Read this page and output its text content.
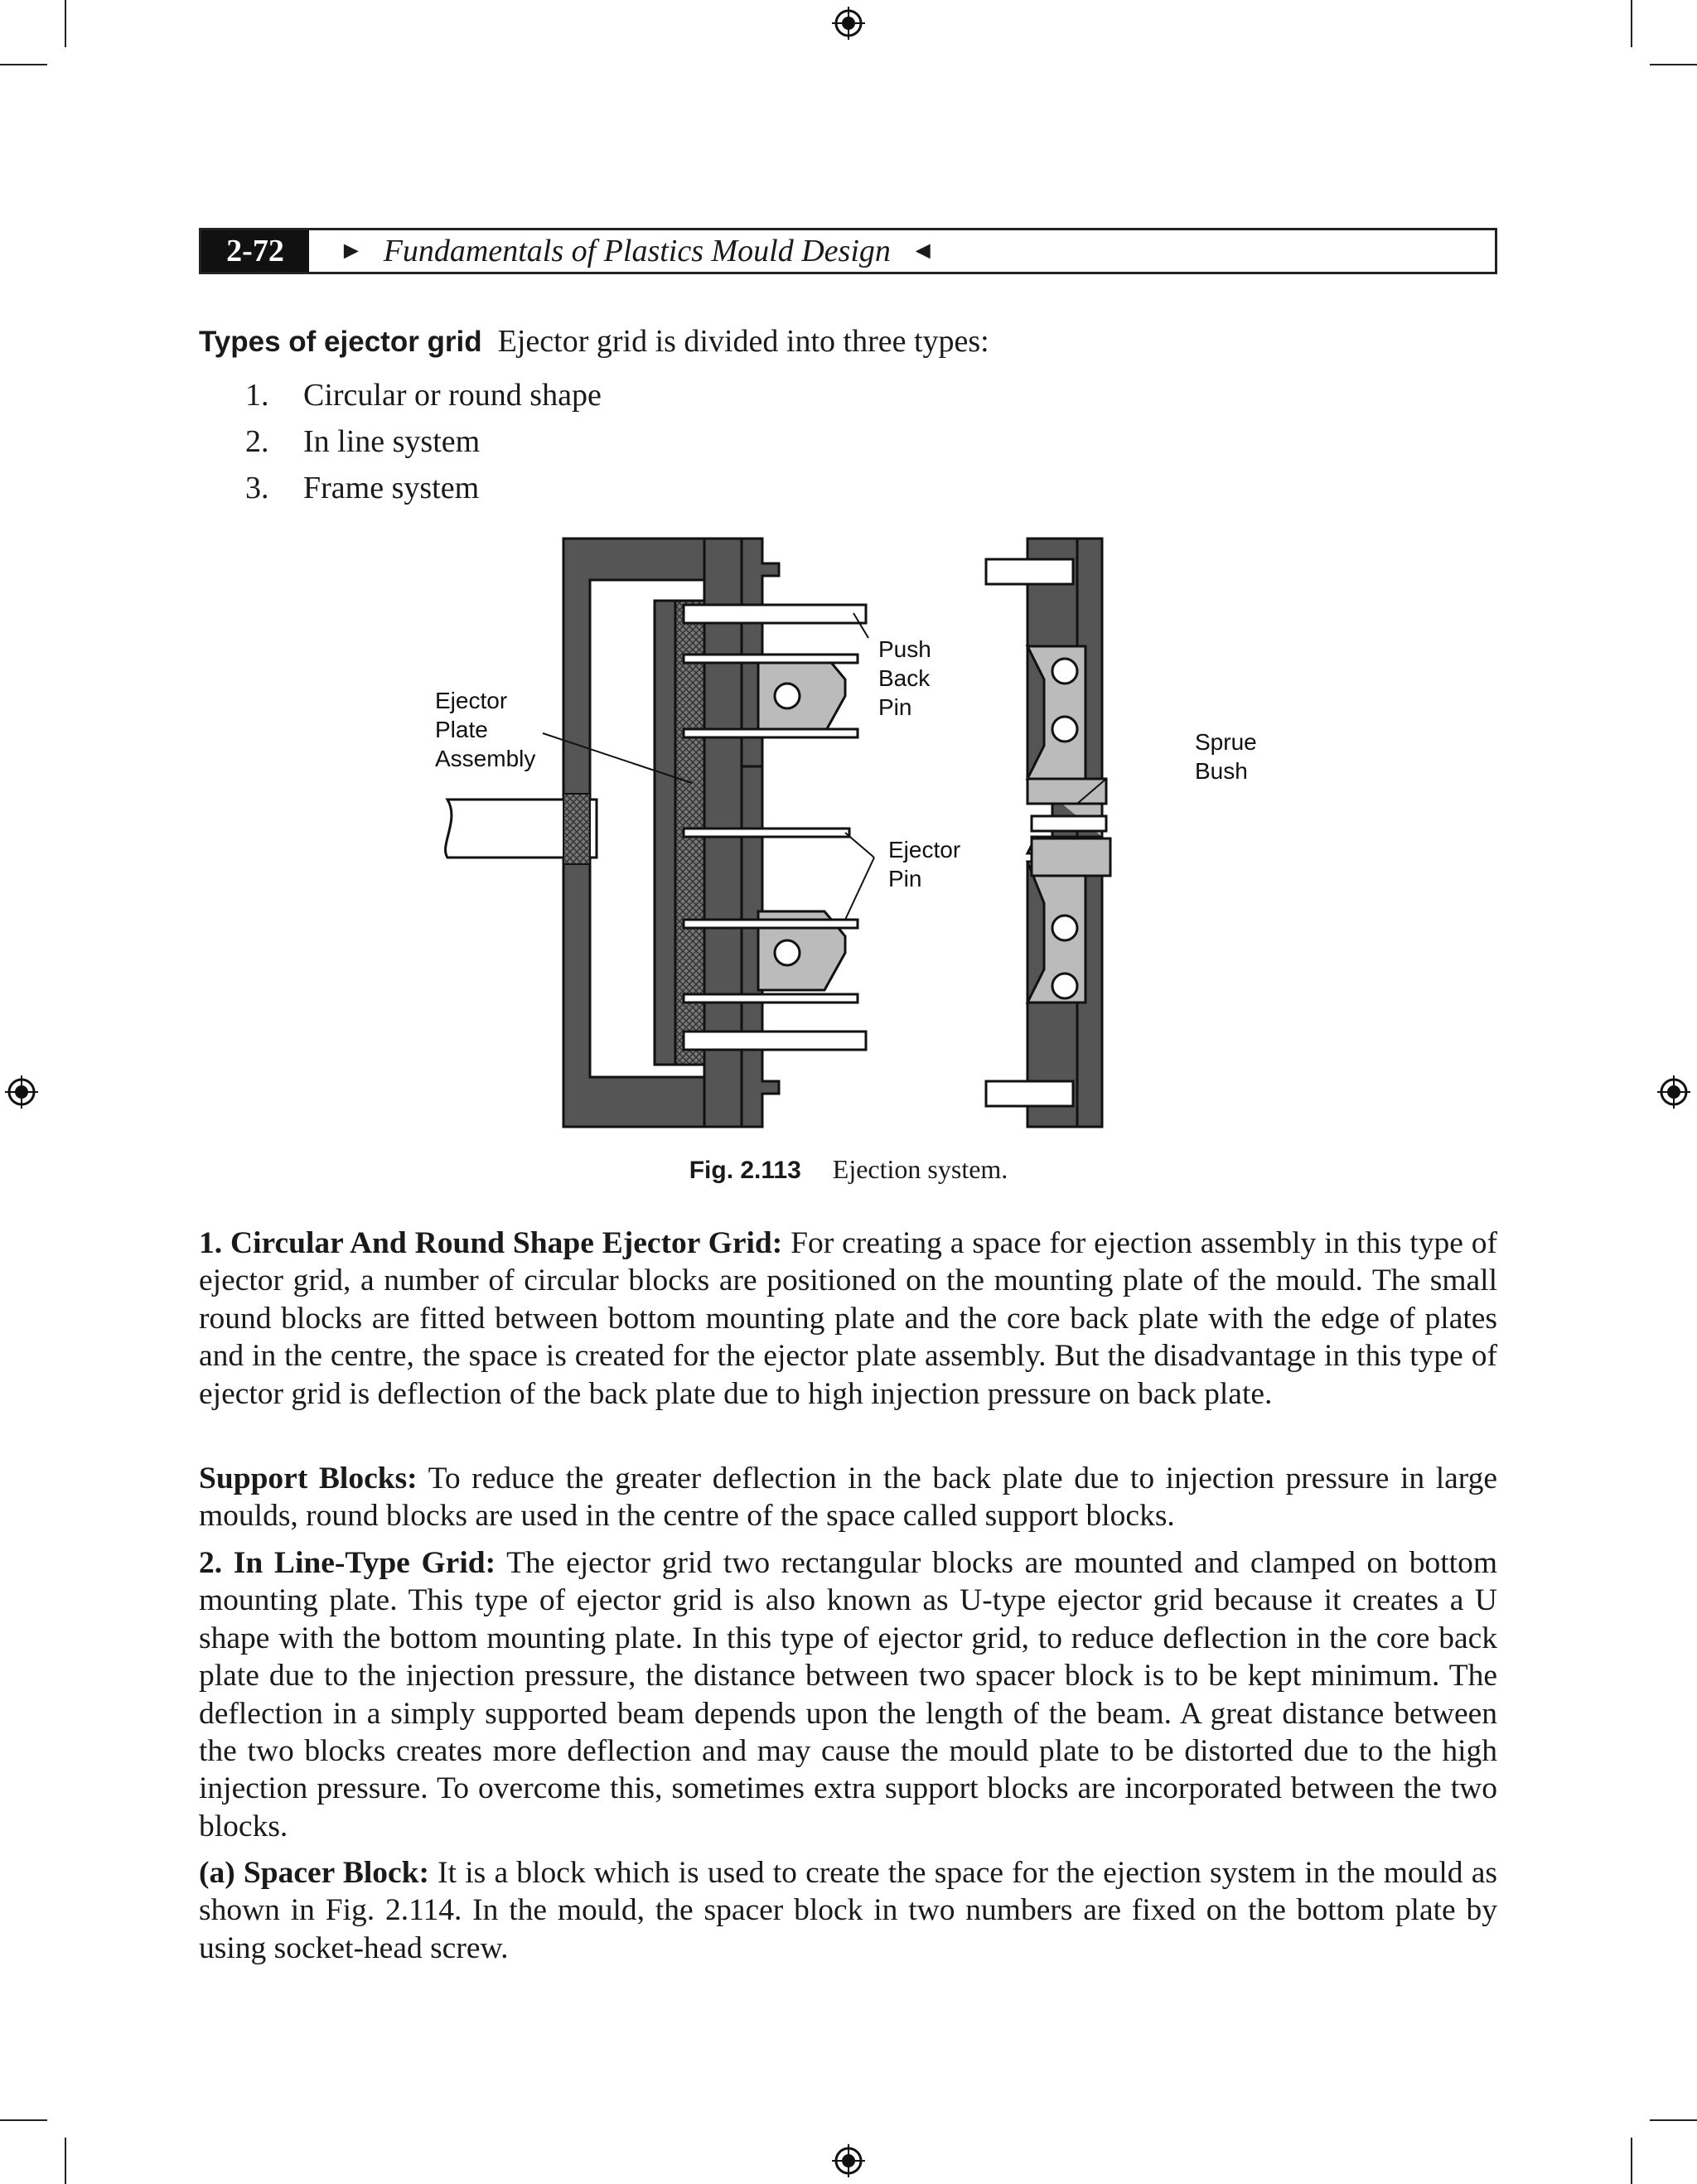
2-72	► Fundamentals of Plastics Mould Design ◄
Types of ejector grid Ejector grid is divided into three types:
1.	Circular or round shape
2.	In line system
3.	Frame system
Ejector
Plate
Assembly
Push
Back
Pin
Sprue
Bush
Ejector
Pin
Fig. 2.113 Ejection system.
1. Circular And Round Shape Ejector Grid: For creating a space for ejection assembly in this type of ejector grid, a number of circular blocks are positioned on the mounting plate of the mould. The small round blocks are fitted between bottom mounting plate and the core back plate with the edge of plates and in the centre, the space is created for the ejector plate assembly. But the disadvantage in this type of ejector grid is deflection of the back plate due to high injection pressure on back plate.
Support Blocks: To reduce the greater deflection in the back plate due to injection pressure in large moulds, round blocks are used in the centre of the space called support blocks.
2. In Line-Type Grid: The ejector grid two rectangular blocks are mounted and clamped on bottom mounting plate. This type of ejector grid is also known as U-type ejector grid because it creates a U shape with the bottom mounting plate. In this type of ejector grid, to reduce deflection in the core back plate due to the injection pressure, the distance between two spacer block is to be kept minimum. The deflection in a simply supported beam depends upon the length of the beam. A great distance between the two blocks creates more deflection and may cause the mould plate to be distorted due to the high injection pressure. To overcome this, sometimes extra support blocks are incorporated between the two blocks.
(a) Spacer Block: It is a block which is used to create the space for the ejection system in the mould as shown in Fig. 2.114. In the mould, the spacer block in two numbers are fixed on the bottom plate by using socket-head screw.
